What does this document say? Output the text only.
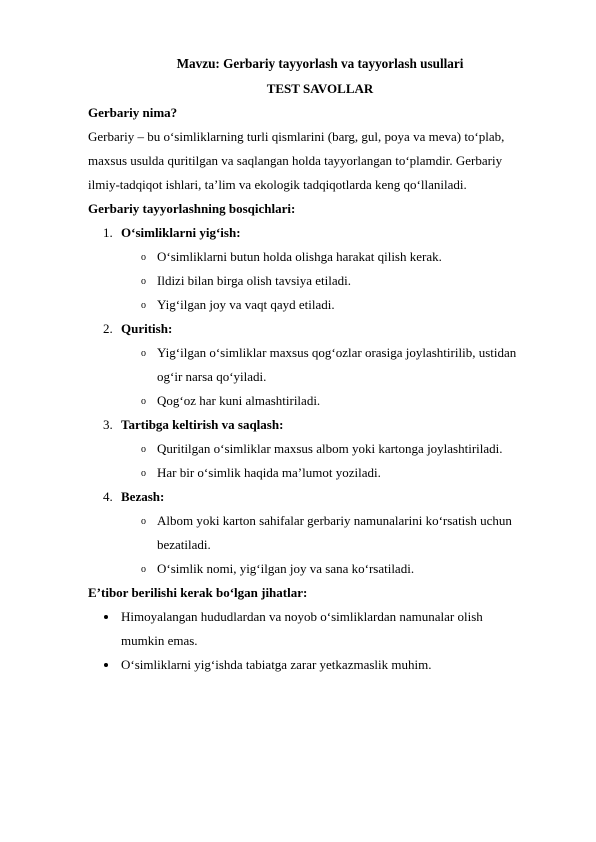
Mavzu: Gerbariy tayyorlash va tayyorlash usullari
TEST SAVOLLAR
Gerbariy nima?
Gerbariy – bu o‘simliklarning turli qismlarini (barg, gul, poya va meva) to‘plab,
maxsus usulda quritilgan va saqlangan holda tayyorlangan to‘plamdir. Gerbariy
ilmiy-tadqiqot ishlari, ta’lim va ekologik tadqiqotlarda keng qo‘llaniladi.
Gerbariy tayyorlashning bosqichlari:
1. O‘simliklarni yig‘ish:
o O‘simliklarni butun holda olishga harakat qilish kerak.
o Ildizi bilan birga olish tavsiya etiladi.
o Yig‘ilgan joy va vaqt qayd etiladi.
2. Quritish:
o Yig‘ilgan o‘simliklar maxsus qog‘ozlar orasiga joylashtirilib, ustidan
og‘ir narsa qo‘yiladi.
o Qog‘oz har kuni almashtiriladi.
3. Tartibga keltirish va saqlash:
o Quritilgan o‘simliklar maxsus albom yoki kartonga joylashtiriladi.
o Har bir o‘simlik haqida ma’lumot yoziladi.
4. Bezash:
o Albom yoki karton sahifalar gerbariy namunalarini ko‘rsatish uchun
bezatiladi.
o O‘simlik nomi, yig‘ilgan joy va sana ko‘rsatiladi.
E’tibor berilishi kerak bo‘lgan jihatlar:
Himoyalangan hududlardan va noyob o‘simliklardan namunalar olish
mumkin emas.
O‘simliklarni yig‘ishda tabiatga zarar yetkazmaslik muhim.
